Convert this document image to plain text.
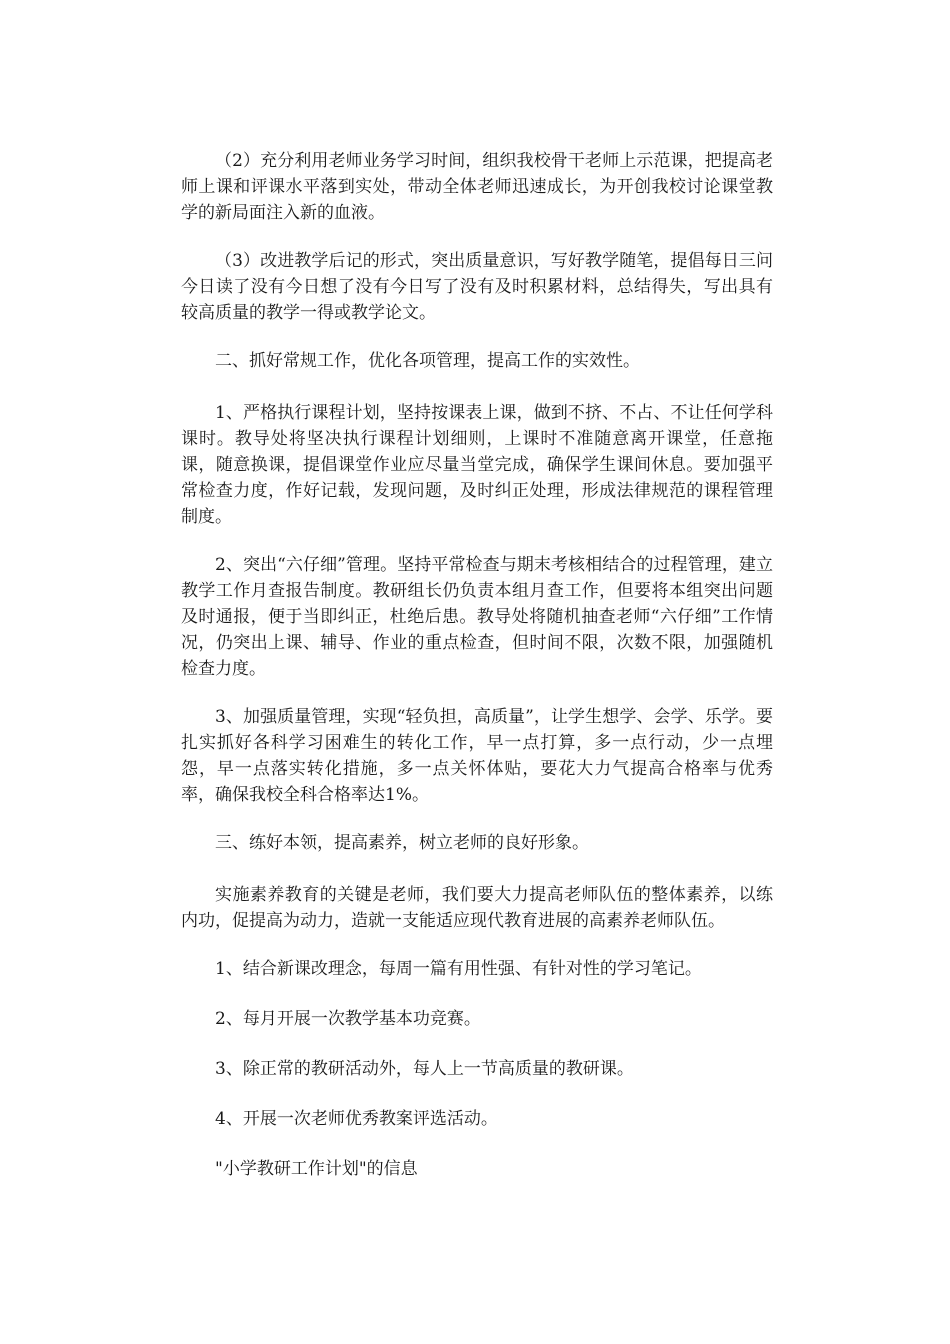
（2）充分利用老师业务学习时间，组织我校骨干老师上示范课，把提高老师上课和评课水平落到实处，带动全体老师迅速成长，为开创我校讨论课堂教学的新局面注入新的血液。

（3）改进教学后记的形式，突出质量意识，写好教学随笔，提倡每日三问今日读了没有今日想了没有今日写了没有及时积累材料，总结得失，写出具有较高质量的教学一得或教学论文。

二、抓好常规工作，优化各项管理，提高工作的实效性。

1、严格执行课程计划，坚持按课表上课，做到不挤、不占、不让任何学科课时。教导处将坚决执行课程计划细则，上课时不准随意离开课堂，任意拖课，随意换课，提倡课堂作业应尽量当堂完成，确保学生课间休息。要加强平常检查力度，作好记载，发现问题，及时纠正处理，形成法律规范的课程管理制度。

2、突出“六仔细”管理。坚持平常检查与期末考核相结合的过程管理，建立教学工作月查报告制度。教研组长仍负责本组月查工作，但要将本组突出问题及时通报，便于当即纠正，杜绝后患。教导处将随机抽查老师“六仔细”工作情况，仍突出上课、辅导、作业的重点检查，但时间不限，次数不限，加强随机检查力度。

3、加强质量管理，实现“轻负担，高质量”，让学生想学、会学、乐学。要扎实抓好各科学习困难生的转化工作，早一点打算，多一点行动，少一点埋怨，早一点落实转化措施，多一点关怀体贴，要花大力气提高合格率与优秀率，确保我校全科合格率达1%。

三、练好本领，提高素养，树立老师的良好形象。

实施素养教育的关键是老师，我们要大力提高老师队伍的整体素养，以练内功，促提高为动力，造就一支能适应现代教育进展的高素养老师队伍。

1、结合新课改理念，每周一篇有用性强、有针对性的学习笔记。

2、每月开展一次教学基本功竞赛。

3、除正常的教研活动外，每人上一节高质量的教研课。

4、开展一次老师优秀教案评选活动。

"小学教研工作计划"的信息
